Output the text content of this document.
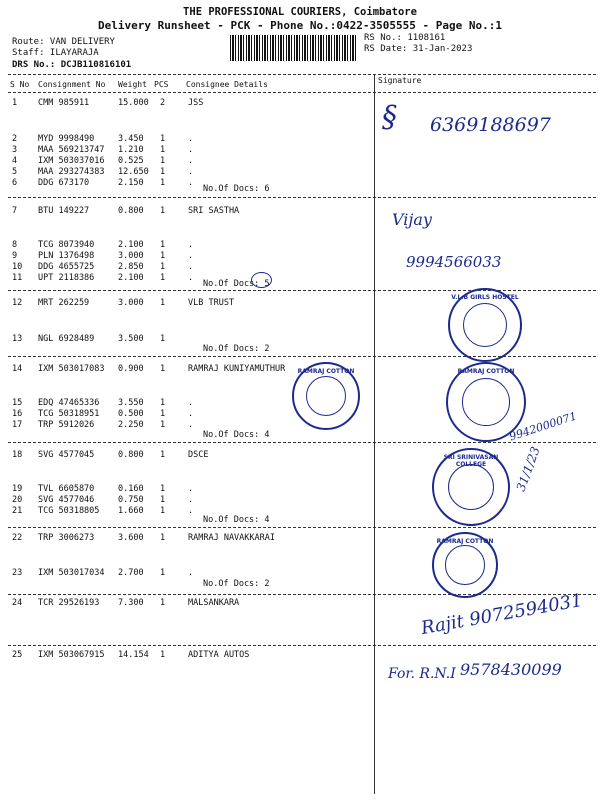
THE PROFESSIONAL COURIERS, Coimbatore
Delivery Runsheet - PCK - Phone No.:0422-3505555 - Page No.:1
Route: VAN DELIVERY
Staff: ILAYARAJA
DRS No.: DCJB110816101
RS No.: 1108161
RS Date: 31-Jan-2023
S No Consignment No Weight PCS Consignee Details	Signature
1 CMM 985911	15.000 2	JSS
2 MYD 9998490	3.450 1	.
3 MAA 569213747 1.210 1	.
4 IXM 503037016 0.525 1	.
5 MAA 293274383 12.650 1	.
6 DDG 673170	2.150 1	.
7 BTU 149227	0.800 1	SRI SASTHA
8 TCG 8073940	2.100 1	.
9 PLN 1376498	3.000 1	.
10 DDG 4655725	2.850 1	.
11 UPT 2118386	2.100 1	.
12 MRT 262259	3.000 1	VLB TRUST
13 NGL 6928489	3.500 1
14 IXM 503017083 0.900 1	RAMRAJ KUNIYAMUTHUR
15 EDQ 47465336 3.550 1	.
16 TCG 50318951 0.500 1	.
17 TRP 5912026	2.250 1	.
18 SVG 4577045	0.800 1	DSCE
19 TVL 6605870	0.160 1	.
20 SVG 4577046	0.750 1	.
21 TCG 50318805 1.660 1	.
22 TRP 3006273	3.600 1	RAMRAJ NAVAKKARAI
23 IXM 503017034 2.700 1	.
24 TCR 29526193 7.300 1	MALSANKARA
25 IXM 503067915 14.154 1	ADITYA AUTOS
No.Of Docs: 6
No.Of Docs: 5
No.Of Docs: 2
No.Of Docs: 4
No.Of Docs: 4
No.Of Docs: 2
§ 6369188697
Vijay
9994566033
9942000071
31/1/23
Rajit 9072594031
For. R.N.I 9578430099
V.L.B GIRLS HOSTEL
RAMRAJ COTTON	RAMRAJ COTTON
SRI SRINIVASAN COLLEGE
RAMRAJ COTTON
